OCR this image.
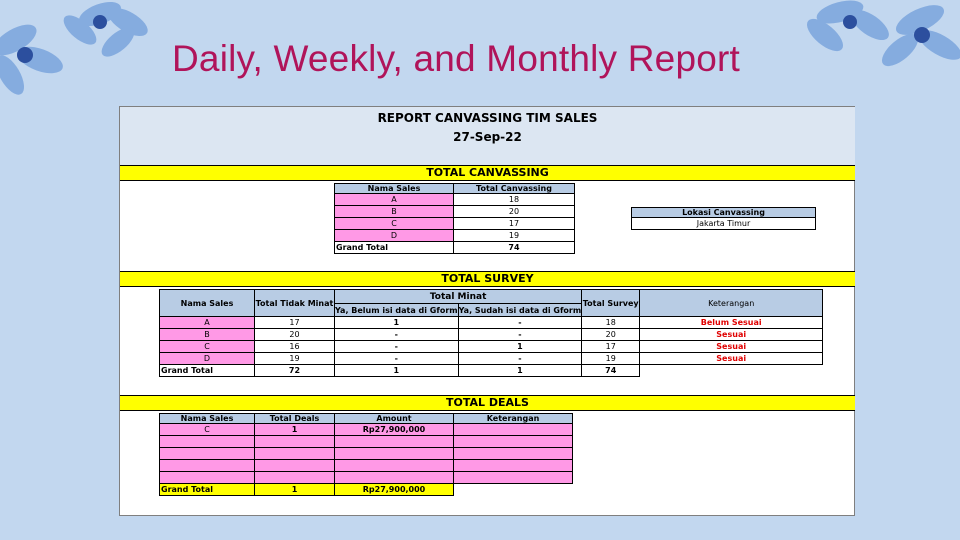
Daily, Weekly, and Monthly Report
REPORT CANVASSING TIM SALES
27-Sep-22
TOTAL CANVASSING
Nama Sales	Total Canvassing
A	18
B	20
C	17
D	19
Grand Total	74
Lokasi Canvassing
Jakarta Timur
TOTAL SURVEY
Nama Sales	Total Tidak Minat	Total Minat		Total Survey	Keterangan
		Ya, Belum isi data di Gform	Ya, Sudah isi data di Gform		
A	17	1	-	18	Belum Sesuai
B	20	-	-	20	Sesuai
C	16	-	1	17	Sesuai
D	19	-	-	19	Sesuai
Grand Total	72	1	1	74	
TOTAL DEALS
Nama Sales	Total Deals	Amount	Keterangan
C	1	Rp27,900,000	

Grand Total	1	Rp27,900,000	
